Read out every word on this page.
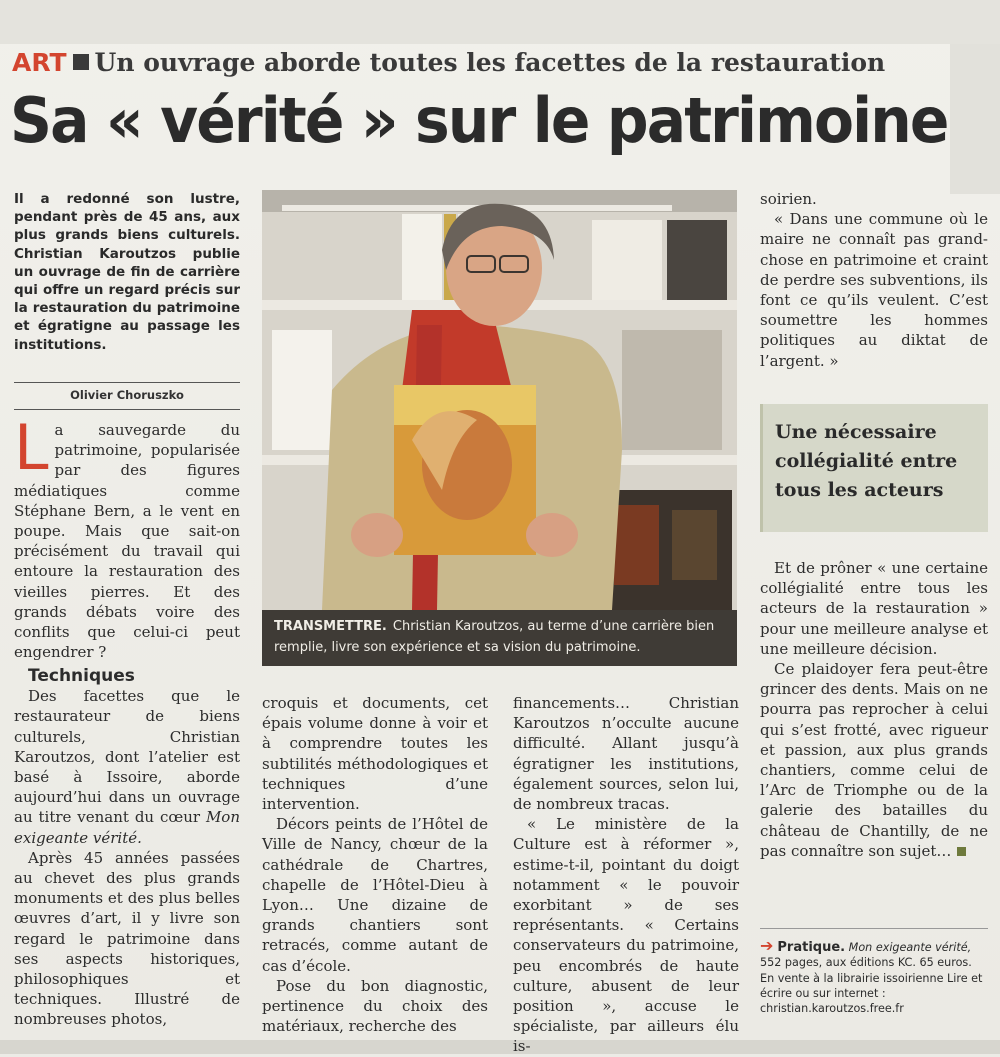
ART Un ouvrage aborde toutes les facettes de la restauration
Sa « vérité » sur le patrimoine
Il a redonné son lustre, pendant près de 45 ans, aux plus grands biens culturels. Christian Karoutzos publie un ouvrage de fin de carrière qui offre un regard précis sur la restauration du patrimoine et égratigne au passage les institutions.
Olivier Choruszko

La sauvegarde du patrimoine, popularisée par des figures médiatiques comme Stéphane Bern, a le vent en poupe. Mais que sait-on précisément du travail qui entoure la restauration des vieilles pierres. Et des grands débats voire des conflits que celui-ci peut engendrer ?

Techniques

Des facettes que le restaurateur de biens culturels, Christian Karoutzos, dont l’atelier est basé à Issoire, aborde aujourd’hui dans un ouvrage au titre venant du cœur Mon exigeante vérité.

Après 45 années passées au chevet des plus grands monuments et des plus belles œuvres d’art, il y livre son regard le patrimoine dans ses aspects historiques, philosophiques et techniques. Illustré de nombreuses photos,

croquis et documents, cet épais volume donne à voir et à comprendre toutes les subtilités méthodologiques et techniques d’une intervention.

Décors peints de l’Hôtel de Ville de Nancy, chœur de la cathédrale de Chartres, chapelle de l’Hôtel-Dieu à Lyon… Une dizaine de grands chantiers sont retracés, comme autant de cas d’école.

Pose du bon diagnostic, pertinence du choix des matériaux, recherche des

financements… Christian Karoutzos n’occulte aucune difficulté. Allant jusqu’à égratigner les institutions, également sources, selon lui, de nombreux tracas.

« Le ministère de la Culture est à réformer », estime-t-il, pointant du doigt notamment « le pouvoir exorbitant » de ses représentants. « Certains conservateurs du patrimoine, peu encombrés de haute culture, abusent de leur position », accuse le spécialiste, par ailleurs élu is-

TRANSMETTRE. Christian Karoutzos, au terme d’une carrière bien remplie, livre son expérience et sa vision du patrimoine.

soirien.

« Dans une commune où le maire ne connaît pas grand-chose en patrimoine et craint de perdre ses subventions, ils font ce qu’ils veulent. C’est soumettre les hommes politiques au diktat de l’argent. »

Une nécessaire collégialité entre tous les acteurs

Et de prôner « une certaine collégialité entre tous les acteurs de la restauration » pour une meilleure analyse et une meilleure décision.

Ce plaidoyer fera peut-être grincer des dents. Mais on ne pourra pas reprocher à celui qui s’est frotté, avec rigueur et passion, aux plus grands chantiers, comme celui de l’Arc de Triomphe ou de la galerie des batailles du château de Chantilly, de ne pas connaître son sujet…

➔ Pratique. Mon exigeante vérité, 552 pages, aux éditions KC. 65 euros. En vente à la librairie issoirienne Lire et écrire ou sur internet : christian.karoutzos.free.fr
